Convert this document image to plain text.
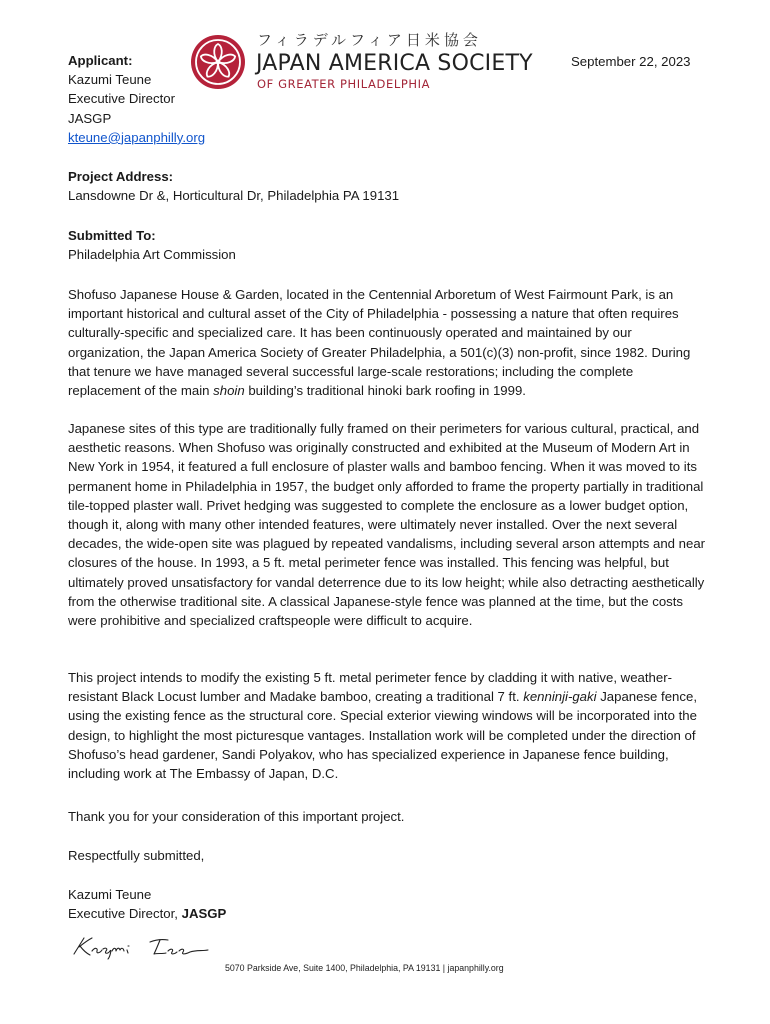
Applicant:
Kazumi Teune
Executive Director
JASGP
kteune@japanphilly.org
フィラデルフィア日米協会
JAPAN AMERICA SOCIETY
OF GREATER PHILADELPHIA
September 22, 2023
Project Address:
Lansdowne Dr &, Horticultural Dr, Philadelphia PA 19131
Submitted To:
Philadelphia Art Commission

Shofuso Japanese House & Garden, located in the Centennial Arboretum of West Fairmount Park, is an important historical and cultural asset of the City of Philadelphia - possessing a nature that often requires culturally-specific and specialized care. It has been continuously operated and maintained by our organization, the Japan America Society of Greater Philadelphia, a 501(c)(3) non-profit, since 1982. During that tenure we have managed several successful large-scale restorations; including the complete replacement of the main shoin building’s traditional hinoki bark roofing in 1999.

Japanese sites of this type are traditionally fully framed on their perimeters for various cultural, practical, and aesthetic reasons. When Shofuso was originally constructed and exhibited at the Museum of Modern Art in New York in 1954, it featured a full enclosure of plaster walls and bamboo fencing. When it was moved to its permanent home in Philadelphia in 1957, the budget only afforded to frame the property partially in traditional tile-topped plaster wall. Privet hedging was suggested to complete the enclosure as a lower budget option, though it, along with many other intended features, were ultimately never installed. Over the next several decades, the wide-open site was plagued by repeated vandalisms, including several arson attempts and near closures of the house. In 1993, a 5 ft. metal perimeter fence was installed. This fencing was helpful, but ultimately proved unsatisfactory for vandal deterrence due to its low height; while also detracting aesthetically from the otherwise traditional site. A classical Japanese-style fence was planned at the time, but the costs were prohibitive and specialized craftspeople were difficult to acquire.

This project intends to modify the existing 5 ft. metal perimeter fence by cladding it with native, weather-resistant Black Locust lumber and Madake bamboo, creating a traditional 7 ft. kenninji-gaki Japanese fence, using the existing fence as the structural core. Special exterior viewing windows will be incorporated into the design, to highlight the most picturesque vantages. Installation work will be completed under the direction of Shofuso’s head gardener, Sandi Polyakov, who has specialized experience in Japanese fence building, including work at The Embassy of Japan, D.C.

Thank you for your consideration of this important project.

Respectfully submitted,

Kazumi Teune
Executive Director, JASGP
5070 Parkside Ave, Suite 1400, Philadelphia, PA 19131 | japanphilly.org
